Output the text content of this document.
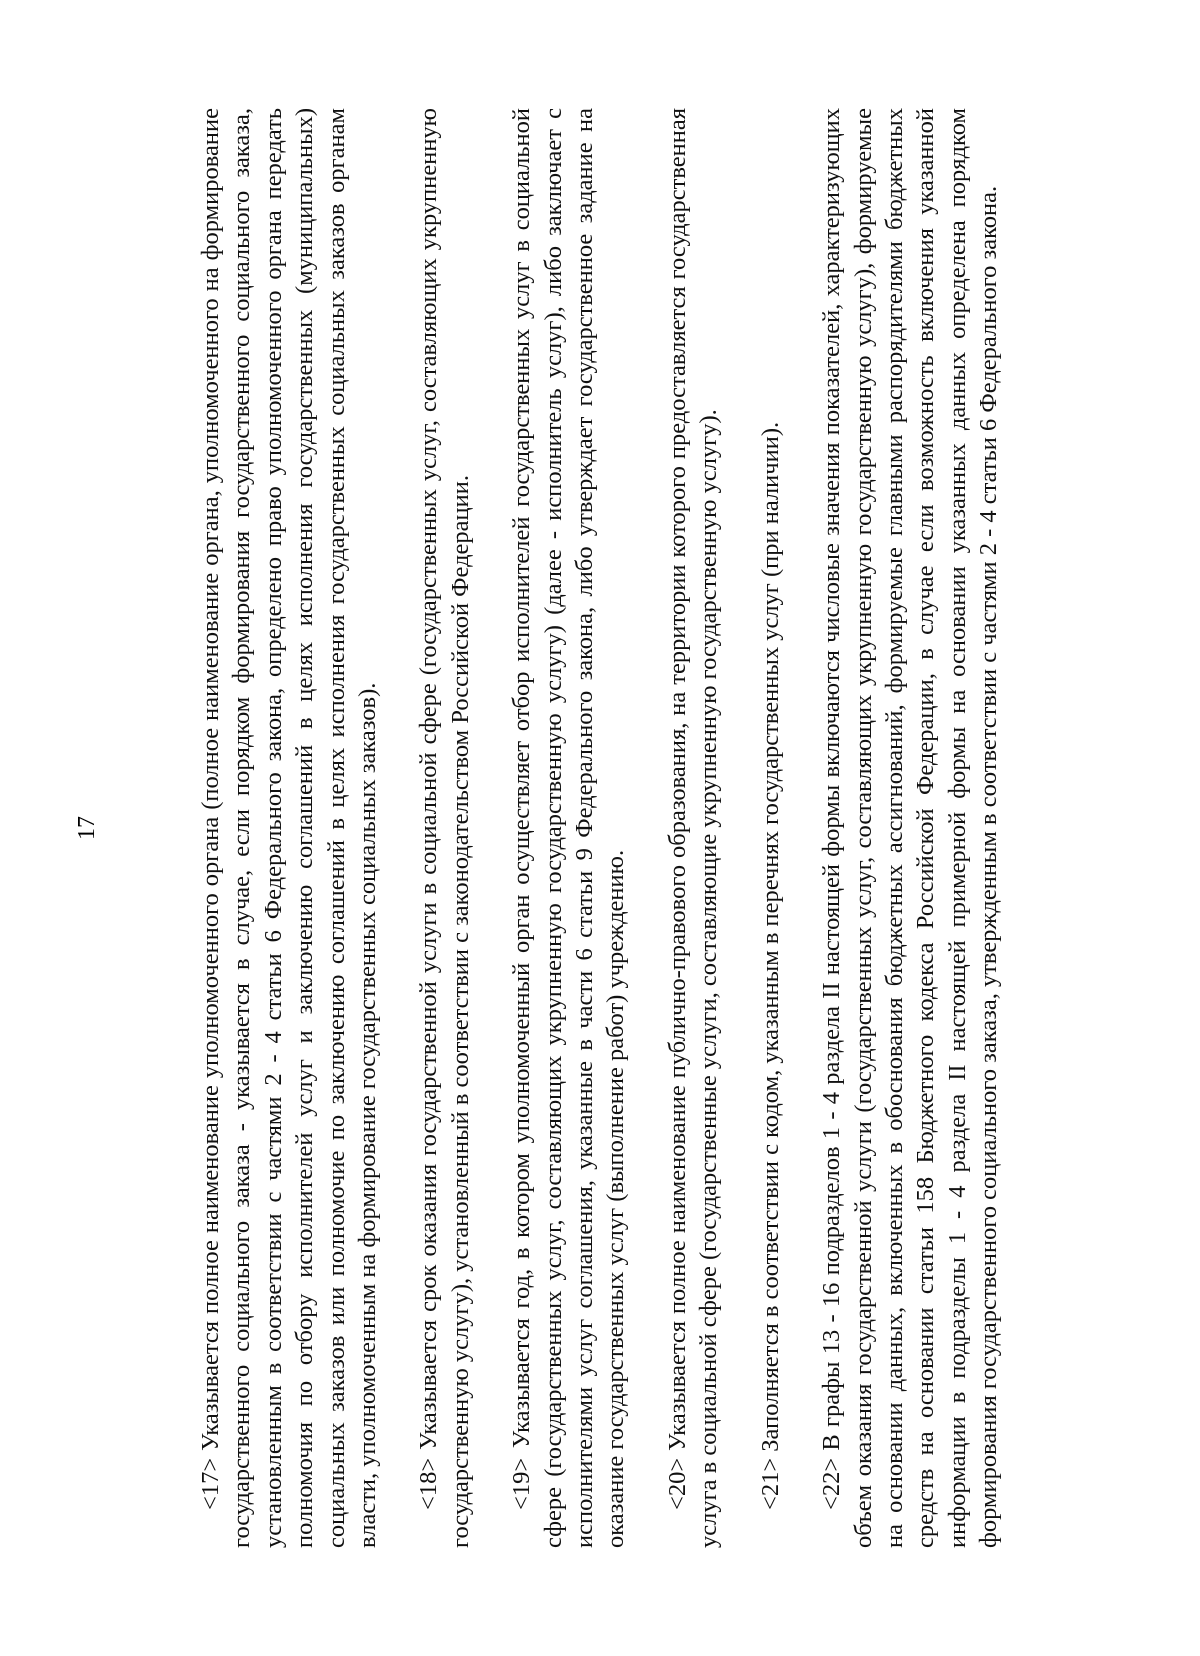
17	<17> Указывается полное наименование уполномоченного органа (полное наименование органа, уполномоченного на формирование государственного социального заказа - указывается в случае, если порядком формирования государственного социального заказа, установленным в соответствии с частями 2 - 4 статьи 6 Федерального закона, определено право уполномоченного органа передать полномочия по отбору исполнителей услуг и заключению соглашений в целях исполнения государственных (муниципальных) социальных заказов или полномочие по заключению соглашений в целях исполнения государственных социальных заказов органам власти, уполномоченным на формирование государственных социальных заказов). <18> Указывается срок оказания государственной услуги в социальной сфере (государственных услуг, составляющих укрупненную государственную услугу), установленный в соответствии с законодательством Российской Федерации. <19> Указывается год, в котором уполномоченный орган осуществляет отбор исполнителей государственных услуг в социальной сфере (государственных услуг, составляющих укрупненную государственную услугу) (далее - исполнитель услуг), либо заключает с исполнителями услуг соглашения, указанные в части 6 статьи 9 Федерального закона, либо утверждает государственное задание на оказание государственных услуг (выполнение работ) учреждению. <20> Указывается полное наименование публично-правового образования, на территории которого предоставляется государственная услуга в социальной сфере (государственные услуги, составляющие укрупненную государственную услугу). <21> Заполняется в соответствии с кодом, указанным в перечнях государственных услуг (при наличии). <22> В графы 13 - 16 подразделов 1 - 4 раздела II настоящей формы включаются числовые значения показателей, характеризующих объем оказания государственной услуги (государственных услуг, составляющих укрупненную государственную услугу), формируемые на основании данных, включенных в обоснования бюджетных ассигнований, формируемые главными распорядителями бюджетных средств на основании статьи 158 Бюджетного кодекса Российской Федерации, в случае если возможность включения указанной информации в подразделы 1 - 4 раздела II настоящей примерной формы на основании указанных данных определена порядком формирования государственного социального заказа, утвержденным в соответствии с частями 2 - 4 статьи 6 Федерального закона.
